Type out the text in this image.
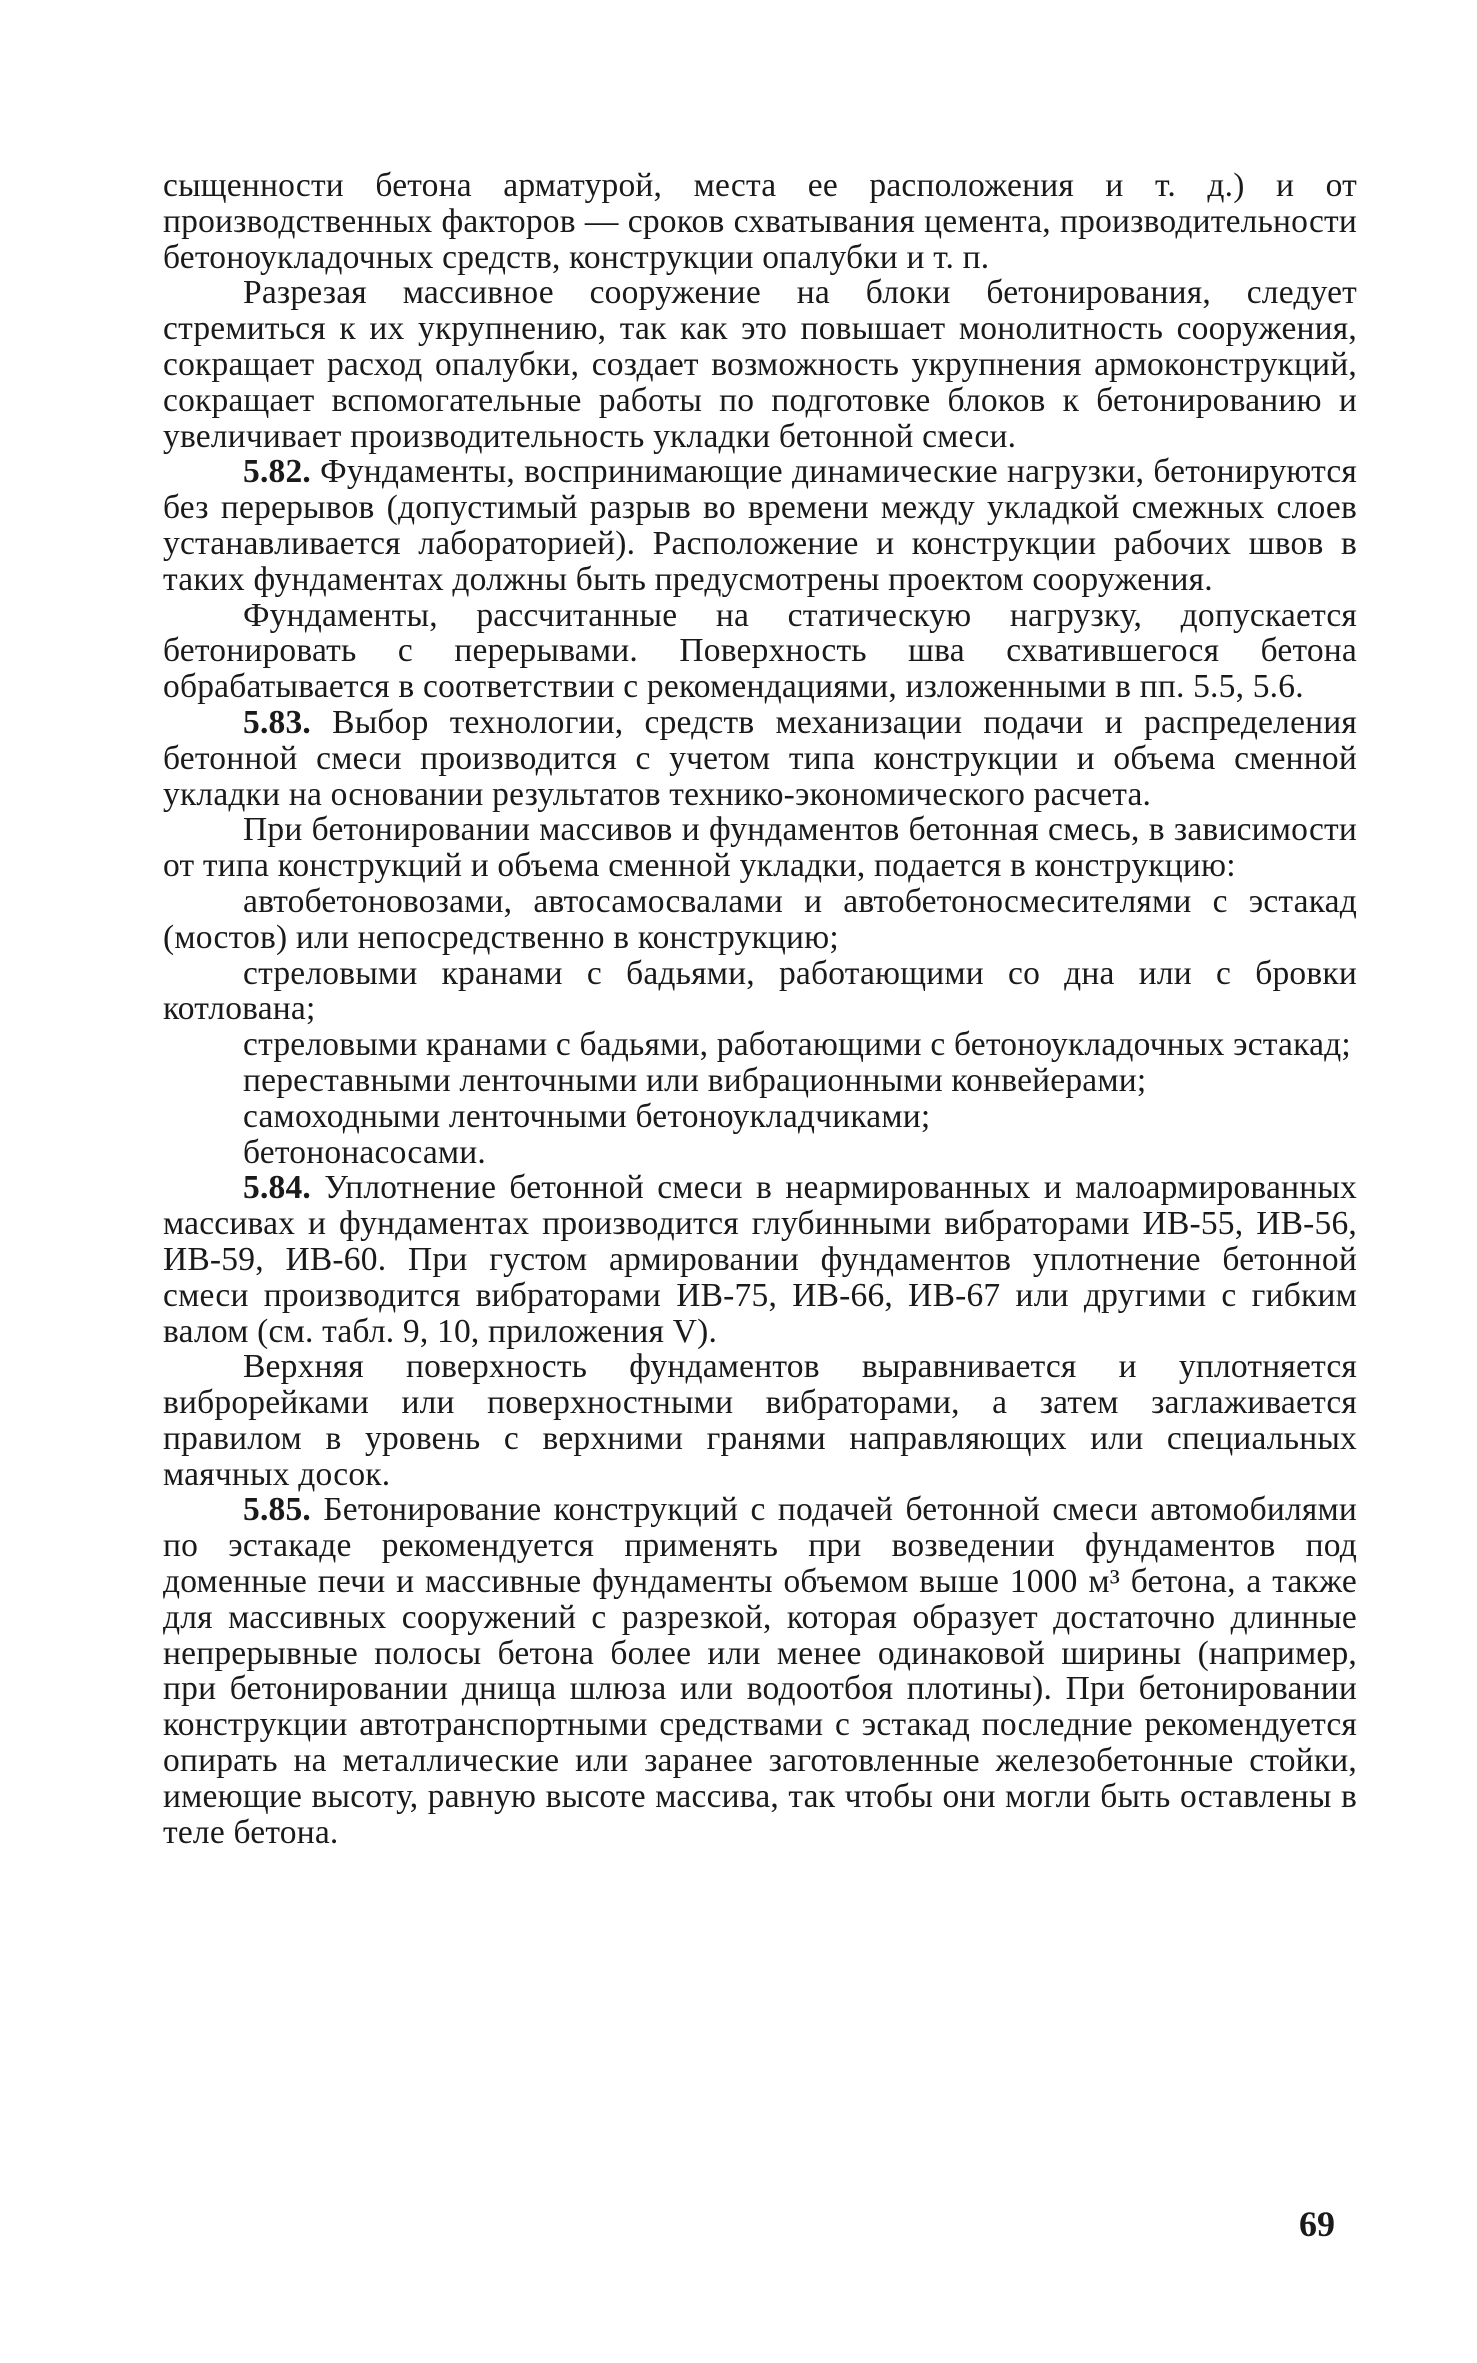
сыщенности бетона арматурой, места ее расположения и т. д.) и от производственных факторов — сроков схватывания цемента, производительности бетоноукладочных средств, конструкции опалубки и т. п.

Разрезая массивное сооружение на блоки бетонирования, следует стремиться к их укрупнению, так как это повышает монолитность сооружения, сокращает расход опалубки, создает возможность укрупнения армоконструкций, сокращает вспомогательные работы по подготовке блоков к бетонированию и увеличивает производительность укладки бетонной смеси.

5.82. Фундаменты, воспринимающие динамические нагрузки, бетонируются без перерывов (допустимый разрыв во времени между укладкой смежных слоев устанавливается лабораторией). Расположение и конструкции рабочих швов в таких фундаментах должны быть предусмотрены проектом сооружения.

Фундаменты, рассчитанные на статическую нагрузку, допускается бетонировать с перерывами. Поверхность шва схватившегося бетона обрабатывается в соответствии с рекомендациями, изложенными в пп. 5.5, 5.6.

5.83. Выбор технологии, средств механизации подачи и распределения бетонной смеси производится с учетом типа конструкции и объема сменной укладки на основании результатов технико-экономического расчета.

При бетонировании массивов и фундаментов бетонная смесь, в зависимости от типа конструкций и объема сменной укладки, подается в конструкцию:

автобетоновозами, автосамосвалами и автобетоносмесителями с эстакад (мостов) или непосредственно в конструкцию;

стреловыми кранами с бадьями, работающими со дна или с бровки котлована;

стреловыми кранами с бадьями, работающими с бетоноукладочных эстакад;

переставными ленточными или вибрационными конвейерами;

самоходными ленточными бетоноукладчиками;

бетононасосами.

5.84. Уплотнение бетонной смеси в неармированных и малоармированных массивах и фундаментах производится глубинными вибраторами ИВ-55, ИВ-56, ИВ-59, ИВ-60. При густом армировании фундаментов уплотнение бетонной смеси производится вибраторами ИВ-75, ИВ-66, ИВ-67 или другими с гибким валом (см. табл. 9, 10, приложения V).

Верхняя поверхность фундаментов выравнивается и уплотняется виброрейками или поверхностными вибраторами, а затем заглаживается правилом в уровень с верхними гранями направляющих или специальных маячных досок.

5.85. Бетонирование конструкций с подачей бетонной смеси автомобилями по эстакаде рекомендуется применять при возведении фундаментов под доменные печи и массивные фундаменты объемом выше 1000 м³ бетона, а также для массивных сооружений с разрезкой, которая образует достаточно длинные непрерывные полосы бетона более или менее одинаковой ширины (например, при бетонировании днища шлюза или водоотбоя плотины). При бетонировании конструкции автотранспортными средствами с эстакад последние рекомендуется опирать на металлические или заранее заготовленные железобетонные стойки, имеющие высоту, равную высоте массива, так чтобы они могли быть оставлены в теле бетона.

69
